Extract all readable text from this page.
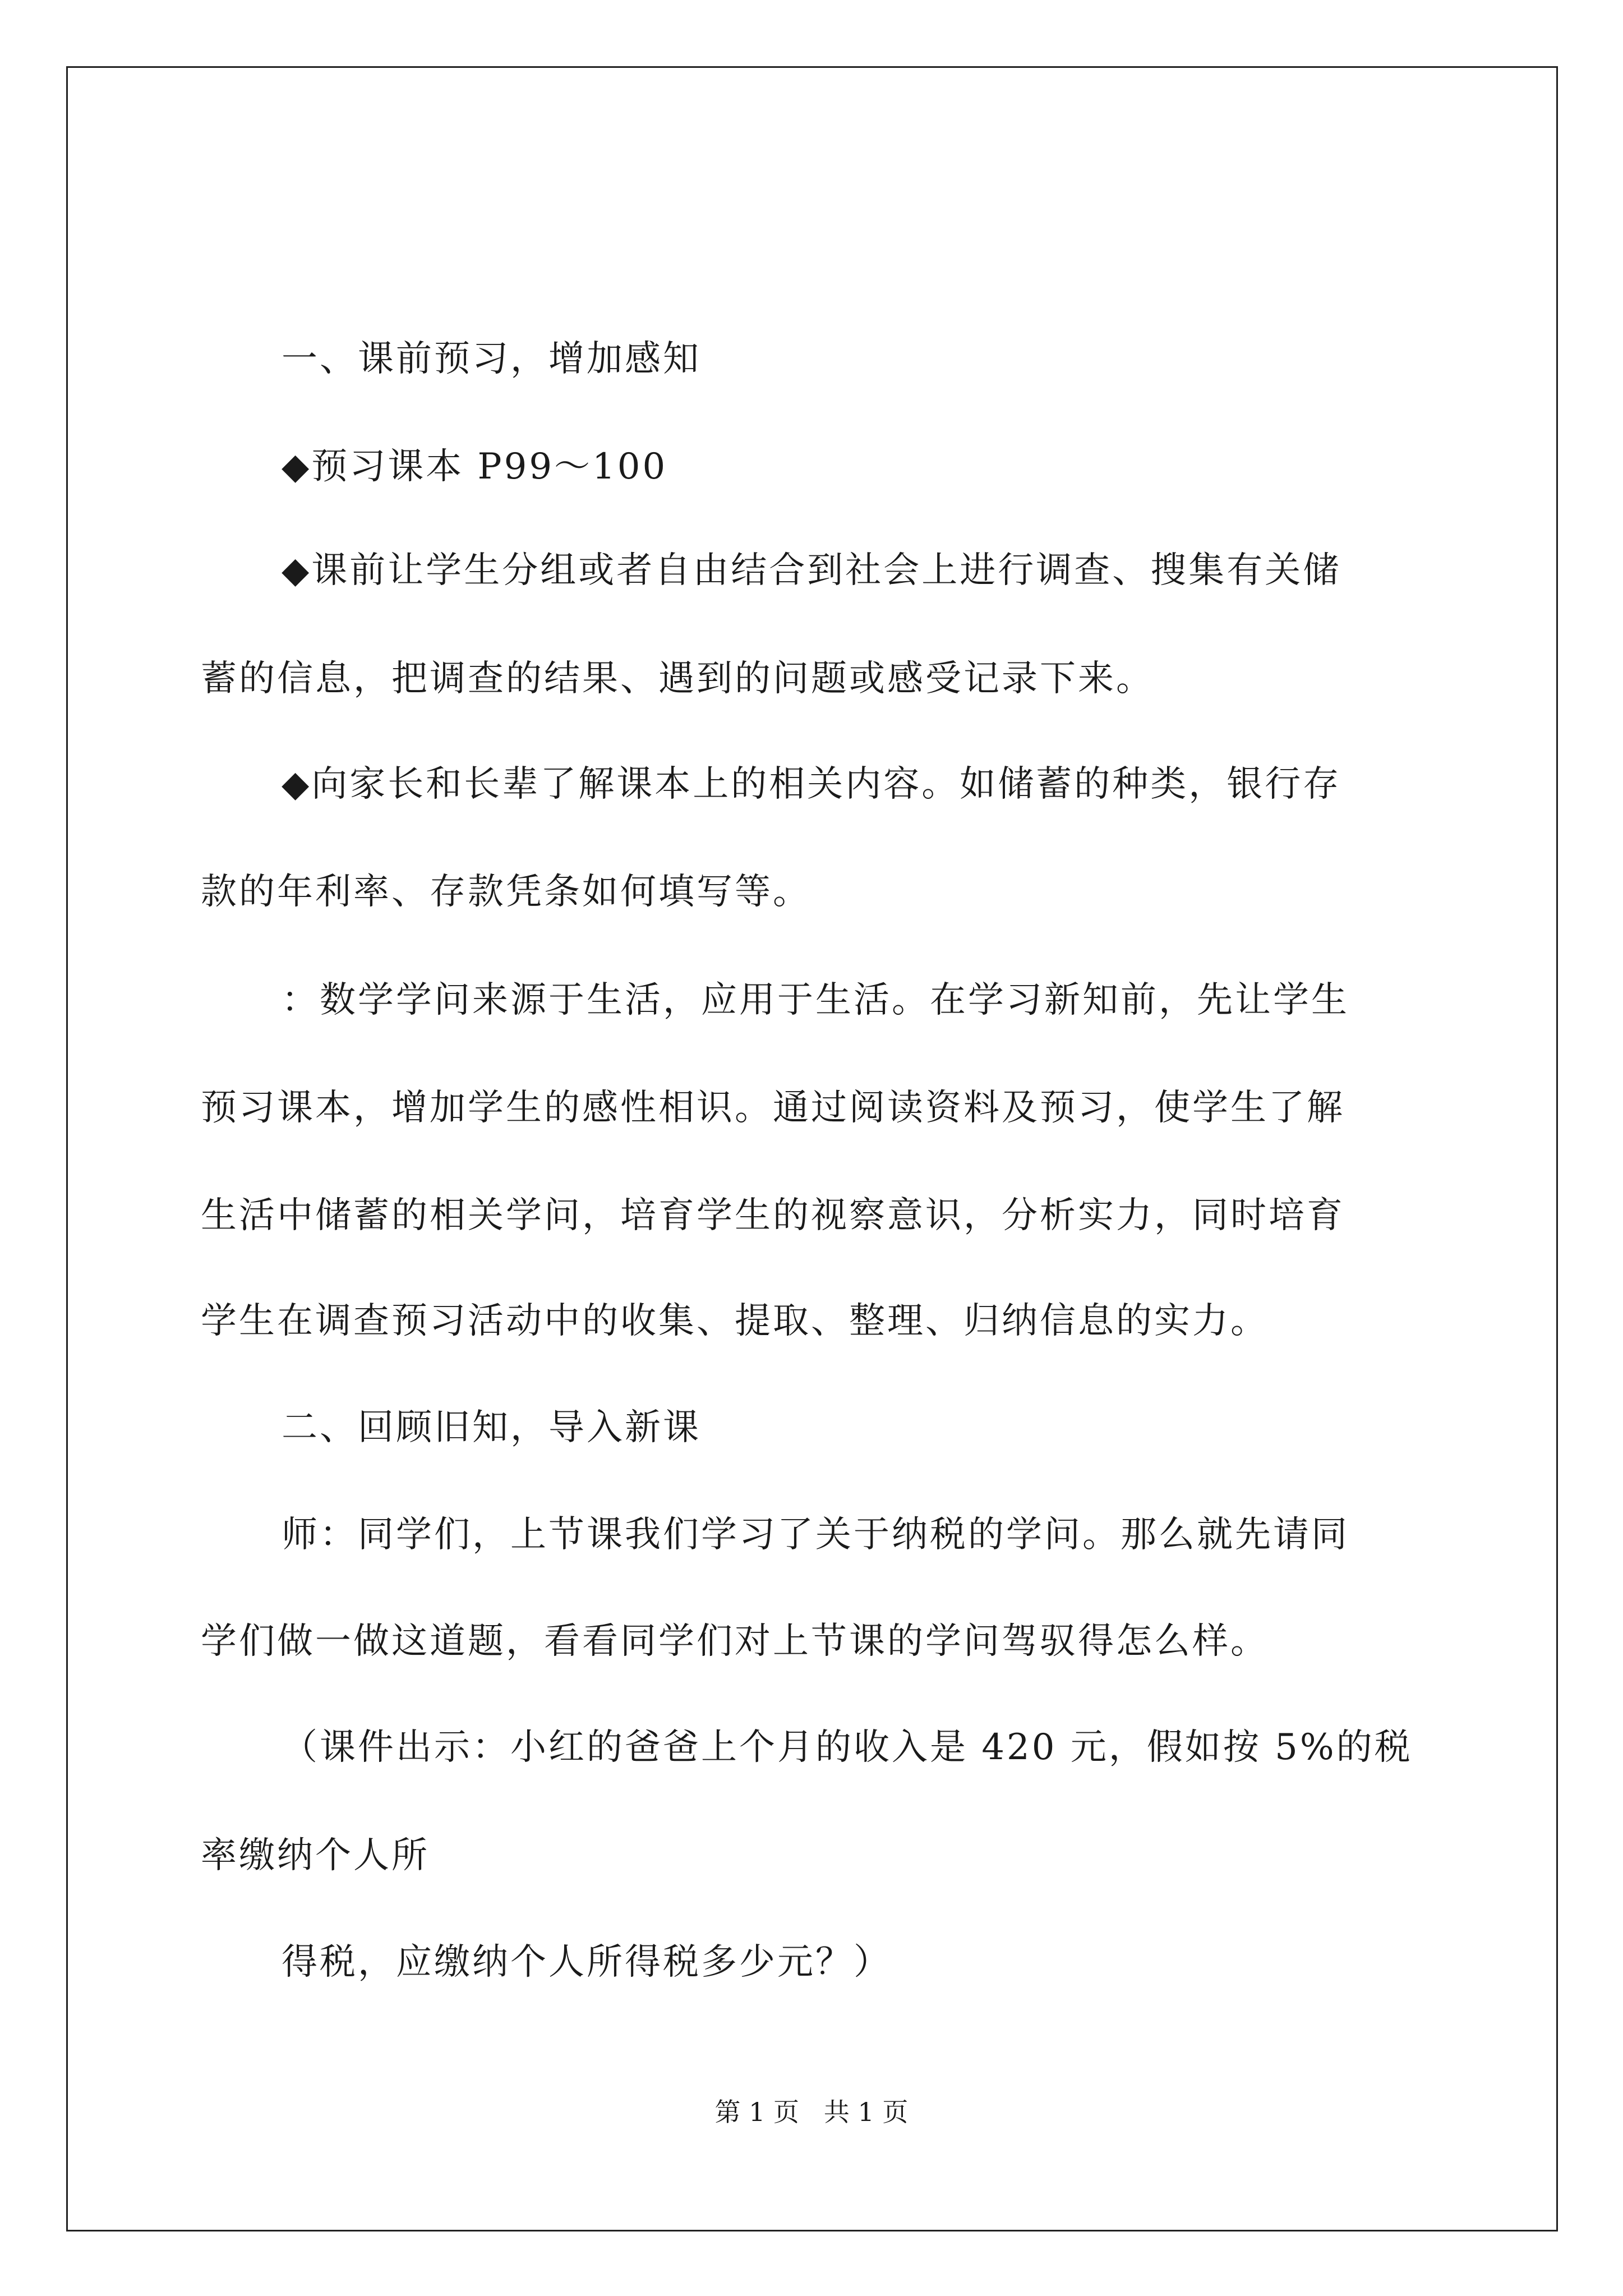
一、课前预习，增加感知
◆预习课本 P99～100
◆课前让学生分组或者自由结合到社会上进行调查、搜集有关储
蓄的信息，把调查的结果、遇到的问题或感受记录下来。
◆向家长和长辈了解课本上的相关内容。如储蓄的种类，银行存
款的年利率、存款凭条如何填写等。
：数学学问来源于生活，应用于生活。在学习新知前，先让学生
预习课本，增加学生的感性相识。通过阅读资料及预习，使学生了解
生活中储蓄的相关学问，培育学生的视察意识，分析实力，同时培育
学生在调查预习活动中的收集、提取、整理、归纳信息的实力。
二、回顾旧知，导入新课
师：同学们，上节课我们学习了关于纳税的学问。那么就先请同
学们做一做这道题，看看同学们对上节课的学问驾驭得怎么样。
（课件出示：小红的爸爸上个月的收入是 420 元，假如按 5%的税
率缴纳个人所
得税，应缴纳个人所得税多少元？）
第 1 页   共 1 页
